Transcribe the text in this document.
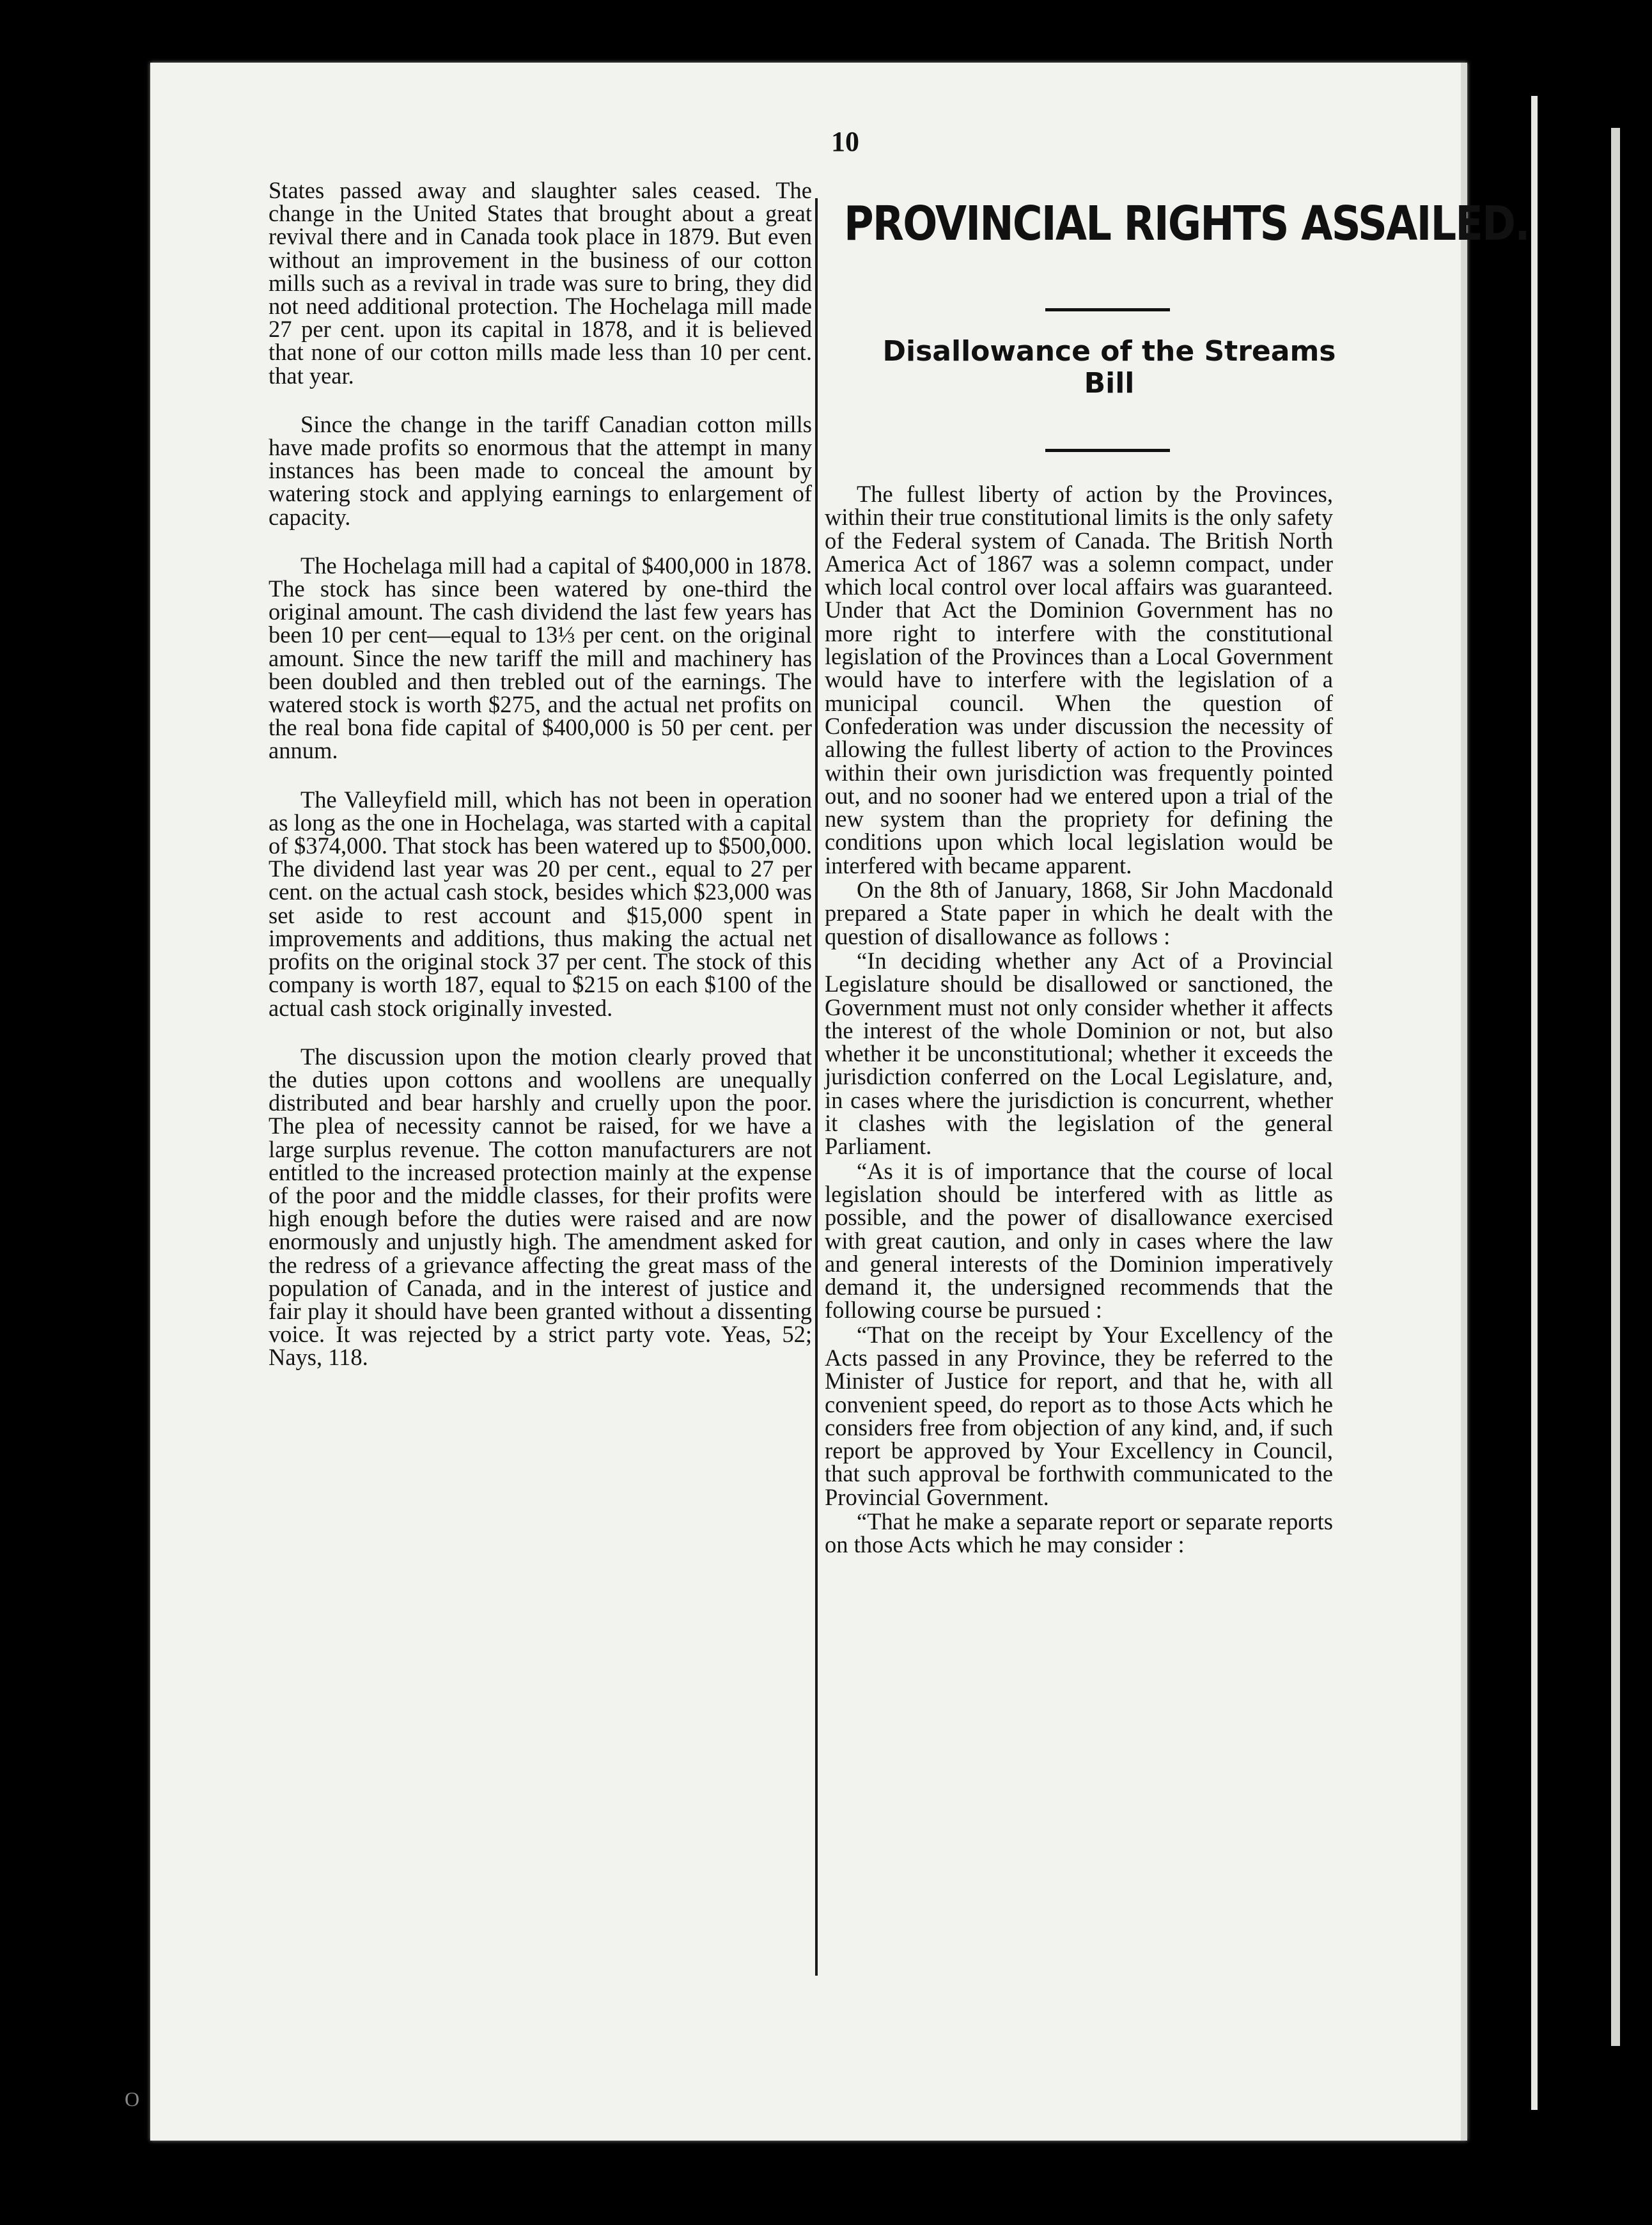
10

States passed away and slaughter sales ceased. The change in the United States that brought about a great revival there and in Canada took place in 1879. But even without an improvement in the business of our cotton mills such as a revival in trade was sure to bring, they did not need additional protection. The Hochelaga mill made 27 per cent. upon its capital in 1878, and it is believed that none of our cotton mills made less than 10 per cent. that year.

Since the change in the tariff Canadian cotton mills have made profits so enormous that the attempt in many instances has been made to conceal the amount by watering stock and applying earnings to enlargement of capacity.

The Hochelaga mill had a capital of $400,000 in 1878. The stock has since been watered by one-third the original amount. The cash dividend the last few years has been 10 per cent—equal to 13⅓ per cent. on the original amount. Since the new tariff the mill and machinery has been doubled and then trebled out of the earnings. The watered stock is worth $275, and the actual net profits on the real bona fide capital of $400,000 is 50 per cent. per annum.

The Valleyfield mill, which has not been in operation as long as the one in Hochelaga, was started with a capital of $374,000. That stock has been watered up to $500,000. The dividend last year was 20 per cent., equal to 27 per cent. on the actual cash stock, besides which $23,000 was set aside to rest account and $15,000 spent in improvements and additions, thus making the actual net profits on the original stock 37 per cent. The stock of this company is worth 187, equal to $215 on each $100 of the actual cash stock originally invested.

The discussion upon the motion clearly proved that the duties upon cottons and woollens are unequally distributed and bear harshly and cruelly upon the poor. The plea of necessity cannot be raised, for we have a large surplus revenue. The cotton manufacturers are not entitled to the increased protection mainly at the expense of the poor and the middle classes, for their profits were high enough before the duties were raised and are now enormously and unjustly high. The amendment asked for the redress of a grievance affecting the great mass of the population of Canada, and in the interest of justice and fair play it should have been granted without a dissenting voice. It was rejected by a strict party vote. Yeas, 52; Nays, 118.

PROVINCIAL RIGHTS ASSAILED.
Disallowance of the Streams
Bill

The fullest liberty of action by the Provinces, within their true constitutional limits is the only safety of the Federal system of Canada. The British North America Act of 1867 was a solemn compact, under which local control over local affairs was guaranteed. Under that Act the Dominion Government has no more right to interfere with the constitutional legislation of the Provinces than a Local Government would have to interfere with the legislation of a municipal council. When the question of Confederation was under discussion the necessity of allowing the fullest liberty of action to the Provinces within their own jurisdiction was frequently pointed out, and no sooner had we entered upon a trial of the new system than the propriety for defining the conditions upon which local legislation would be interfered with became apparent.

On the 8th of January, 1868, Sir John Macdonald prepared a State paper in which he dealt with the question of disallowance as follows :

“In deciding whether any Act of a Provincial Legislature should be disallowed or sanctioned, the Government must not only consider whether it affects the interest of the whole Dominion or not, but also whether it be unconstitutional; whether it exceeds the jurisdiction conferred on the Local Legislature, and, in cases where the jurisdiction is concurrent, whether it clashes with the legislation of the general Parliament.

“As it is of importance that the course of local legislation should be interfered with as little as possible, and the power of disallowance exercised with great caution, and only in cases where the law and general interests of the Dominion imperatively demand it, the undersigned recommends that the following course be pursued :

“That on the receipt by Your Excellency of the Acts passed in any Province, they be referred to the Minister of Justice for report, and that he, with all convenient speed, do report as to those Acts which he considers free from objection of any kind, and, if such report be approved by Your Excellency in Council, that such approval be forthwith communicated to the Provincial Government.

“That he make a separate report or separate reports on those Acts which he may consider :

O
